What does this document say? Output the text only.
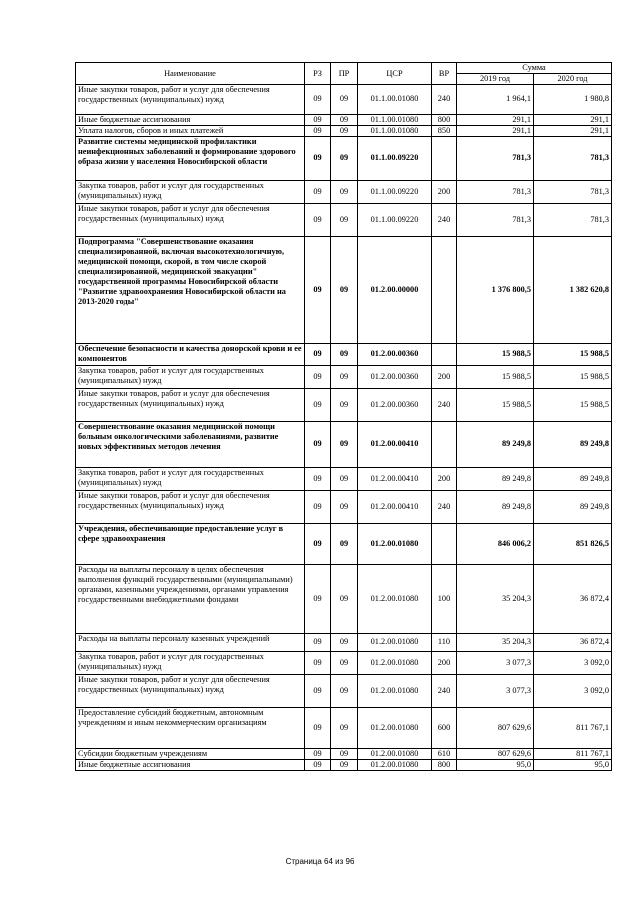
Наименование	РЗ	ПР	ЦСР	ВР	Сумма	
					2019 год	2020 год
Иные закупки товаров, работ и услуг для обеспечения государственных (муниципальных) нужд	09	09	01.1.00.01080	240	1 964,1	1 980,8
Иные бюджетные ассигнования	09	09	01.1.00.01080	800	291,1	291,1
Уплата налогов, сборов и иных платежей	09	09	01.1.00.01080	850	291,1	291,1
Развитие системы медицинской профилактики неинфекционных заболеваний и формирование здорового образа жизни у населения Новосибирской области	09	09	01.1.00.09220		781,3	781,3
Закупка товаров, работ и услуг для государственных (муниципальных) нужд	09	09	01.1.00.09220	200	781,3	781,3
Иные закупки товаров, работ и услуг для обеспечения государственных (муниципальных) нужд	09	09	01.1.00.09220	240	781,3	781,3
Подпрограмма "Совершенствование оказания специализированной, включая высокотехнологичную, медицинской помощи, скорой, в том числе скорой специализированной, медицинской эвакуации" государственной программы Новосибирской области "Развитие здравоохранения Новосибирской области на 2013-2020 годы"	09	09	01.2.00.00000		1 376 800,5	1 382 620,8
Обеспечение безопасности и качества донорской крови и ее компонентов	09	09	01.2.00.00360		15 988,5	15 988,5
Закупка товаров, работ и услуг для государственных (муниципальных) нужд	09	09	01.2.00.00360	200	15 988,5	15 988,5
Иные закупки товаров, работ и услуг для обеспечения государственных (муниципальных) нужд	09	09	01.2.00.00360	240	15 988,5	15 988,5
Совершенствование оказания медицинской помощи больным онкологическими заболеваниями, развитие новых эффективных методов лечения	09	09	01.2.00.00410		89 249,8	89 249,8
Закупка товаров, работ и услуг для государственных (муниципальных) нужд	09	09	01.2.00.00410	200	89 249,8	89 249,8
Иные закупки товаров, работ и услуг для обеспечения государственных (муниципальных) нужд	09	09	01.2.00.00410	240	89 249,8	89 249,8
Учреждения, обеспечивающие предоставление услуг в сфере здравоохранения	09	09	01.2.00.01080		846 006,2	851 826,5
Расходы на выплаты персоналу в целях обеспечения выполнения функций государственными (муниципальными) органами, казенными учреждениями, органами управления государственными внебюджетными фондами	09	09	01.2.00.01080	100	35 204,3	36 872,4
Расходы на выплаты персоналу казенных учреждений	09	09	01.2.00.01080	110	35 204,3	36 872,4
Закупка товаров, работ и услуг для государственных (муниципальных) нужд	09	09	01.2.00.01080	200	3 077,3	3 092,0
Иные закупки товаров, работ и услуг для обеспечения государственных (муниципальных) нужд	09	09	01.2.00.01080	240	3 077,3	3 092,0
Предоставление субсидий бюджетным, автономным учреждениям и иным некоммерческим организациям	09	09	01.2.00.01080	600	807 629,6	811 767,1
Субсидии бюджетным учреждениям	09	09	01.2.00.01080	610	807 629,6	811 767,1
Иные бюджетные ассигнования	09	09	01.2.00.01080	800	95,0	95,0
Страница 64 из 96
